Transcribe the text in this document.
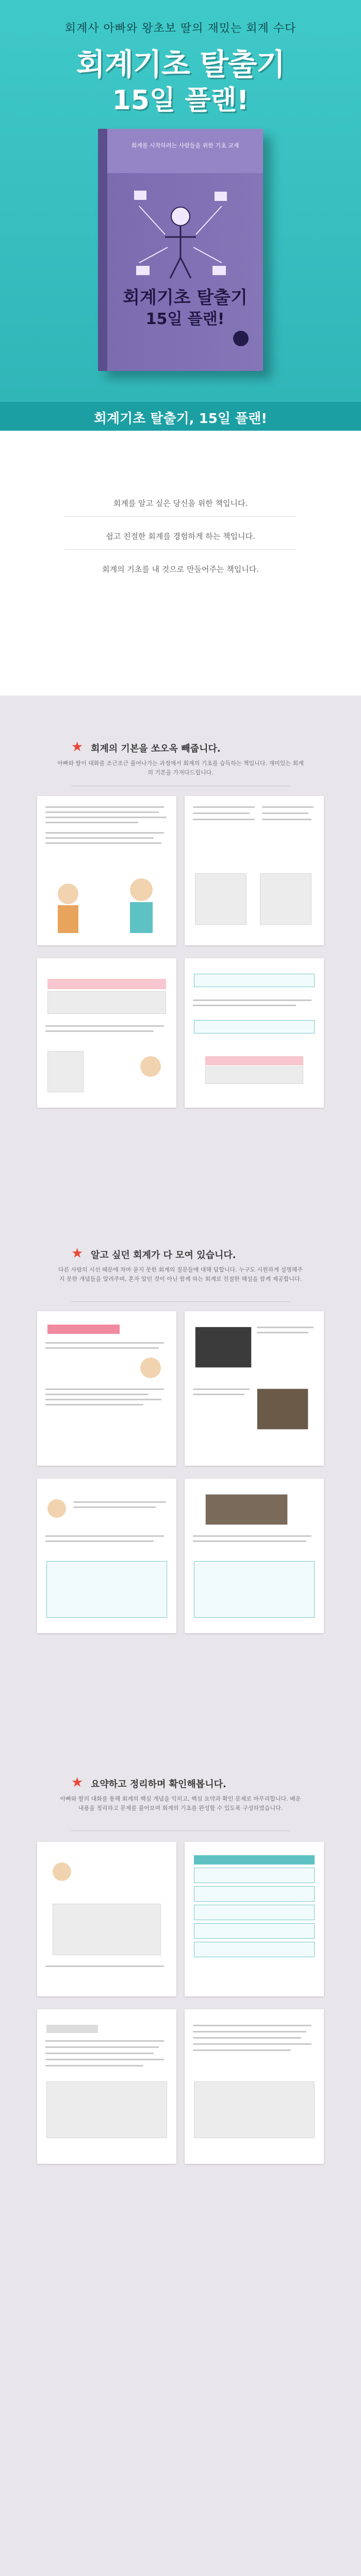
회계사 아빠와 왕초보 딸의 재밌는 회계 수다
회계기초 탈출기
15일 플랜!
회계를 시작하려는 사람들을 위한 기초 교재
회계기초 탈출기
15일 플랜!
회계기초 탈출기, 15일 플랜!
회계를 알고 싶은 당신을 위한 책입니다.
쉽고 친절한 회계를 경험하게 하는 책입니다.
회계의 기초를 내 것으로 만들어주는 책입니다.
★ 회계의 기본을 쏘오옥 빼줍니다.
아빠와 딸이 대화를 조근조근 풀어나가는 과정에서 회계의 기초를 습득하는 책입니다. 재미있는 회계의 기본을 가져다드립니다.
★ 알고 싶던 회계가 다 모여 있습니다.
다른 사람의 시선 때문에 차마 묻지 못한 회계의 질문들에 대해 답합니다. 누구도 시원하게 설명해주지 못한 개념들을 알려주며, 혼자 알던 것이 아닌 함께 하는 회계로 친절한 해설을 함께 제공합니다.
★ 요약하고 정리하며 확인해봅니다.
아빠와 딸의 대화를 통해 회계의 핵심 개념을 익히고, 핵심 요약과 확인 문제로 마무리합니다. 배운 내용을 정리하고 문제를 풀어보며 회계의 기초를 완성할 수 있도록 구성하였습니다.
